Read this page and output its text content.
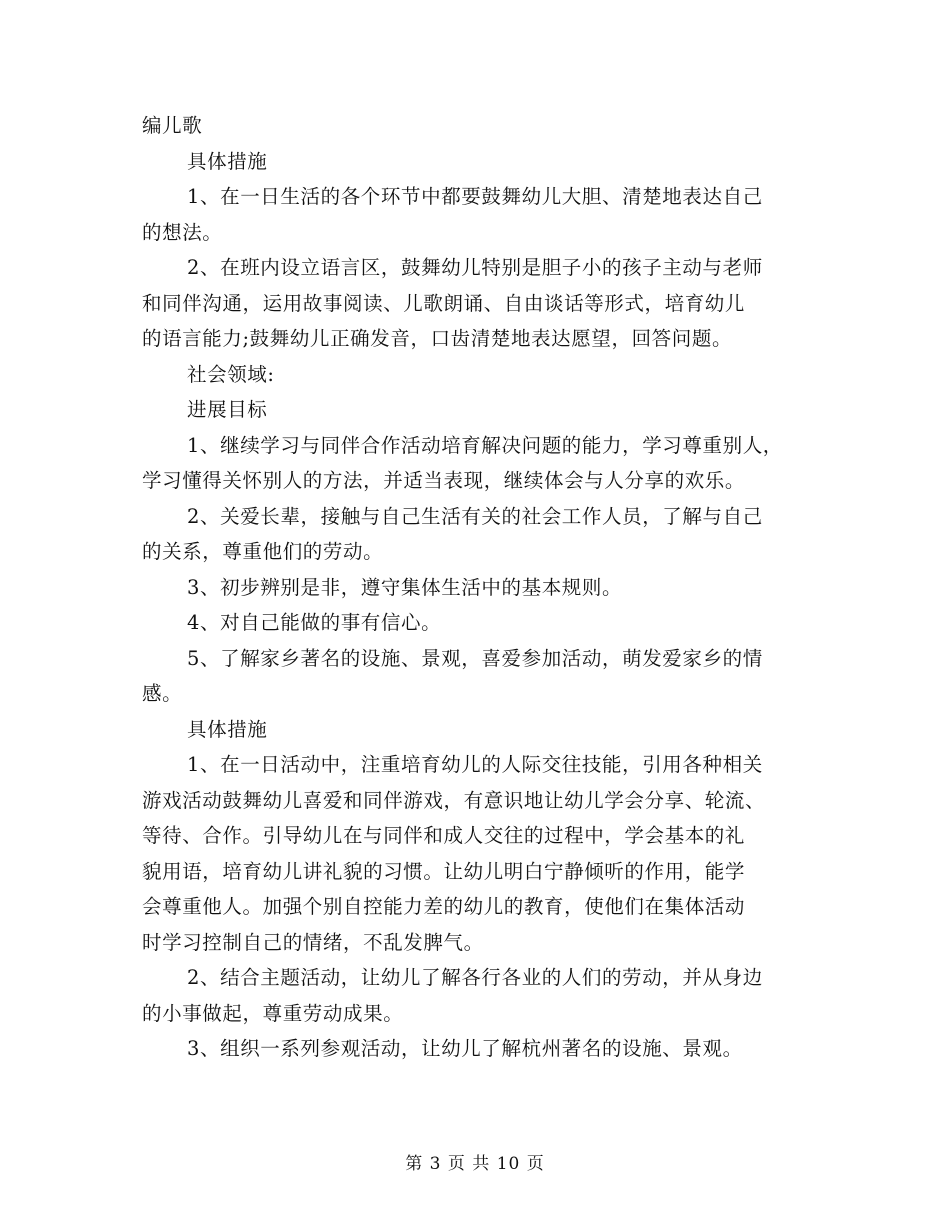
编儿歌
具体措施
1、在一日生活的各个环节中都要鼓舞幼儿大胆、清楚地表达自己
的想法。
2、在班内设立语言区，鼓舞幼儿特别是胆子小的孩子主动与老师
和同伴沟通，运用故事阅读、儿歌朗诵、自由谈话等形式，培育幼儿
的语言能力;鼓舞幼儿正确发音，口齿清楚地表达愿望，回答问题。
社会领域:
进展目标
1、继续学习与同伴合作活动培育解决问题的能力，学习尊重别人，
学习懂得关怀别人的方法，并适当表现，继续体会与人分享的欢乐。
2、关爱长辈，接触与自己生活有关的社会工作人员，了解与自己
的关系，尊重他们的劳动。
3、初步辨别是非，遵守集体生活中的基本规则。
4、对自己能做的事有信心。
5、了解家乡著名的设施、景观，喜爱参加活动，萌发爱家乡的情
感。
具体措施
1、在一日活动中，注重培育幼儿的人际交往技能，引用各种相关
游戏活动鼓舞幼儿喜爱和同伴游戏，有意识地让幼儿学会分享、轮流、
等待、合作。引导幼儿在与同伴和成人交往的过程中，学会基本的礼
貌用语，培育幼儿讲礼貌的习惯。让幼儿明白宁静倾听的作用，能学
会尊重他人。加强个别自控能力差的幼儿的教育，使他们在集体活动
时学习控制自己的情绪，不乱发脾气。
2、结合主题活动，让幼儿了解各行各业的人们的劳动，并从身边
的小事做起，尊重劳动成果。
3、组织一系列参观活动，让幼儿了解杭州著名的设施、景观。
第 3 页 共 10 页
